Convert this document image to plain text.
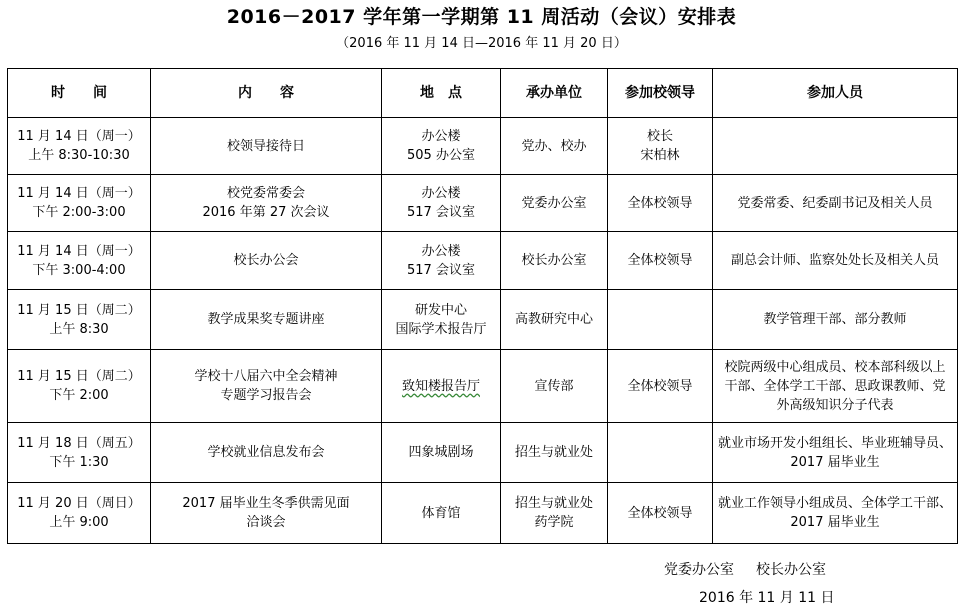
2016－2017 学年第一学期第 11 周活动（会议）安排表
（2016 年 11 月 14 日—2016 年 11 月 20 日）
时　　间	内　　容	地　点	承办单位	参加校领导	参加人员

11 月 14 日（周一）
上午 8:30-10:30	校领导接待日	办公楼
505 办公室	党办、校办	校长
宋柏林	

11 月 14 日（周一）
下午 2:00-3:00	校党委常委会
2016 年第 27 次会议	办公楼
517 会议室	党委办公室	全体校领导	党委常委、纪委副书记及相关人员

11 月 14 日（周一）
下午 3:00-4:00	校长办公会	办公楼
517 会议室	校长办公室	全体校领导	副总会计师、监察处处长及相关人员

11 月 15 日（周二）
上午 8:30	教学成果奖专题讲座	研发中心
国际学术报告厅	高教研究中心		教学管理干部、部分教师

11 月 15 日（周二）
下午 2:00	学校十八届六中全会精神
专题学习报告会	致知楼报告厅	宣传部	全体校领导	校院两级中心组成员、校本部科级以上
干部、全体学工干部、思政课教师、党
外高级知识分子代表

11 月 18 日（周五）
下午 1:30	学校就业信息发布会	四象城剧场	招生与就业处		就业市场开发小组组长、毕业班辅导员、
2017 届毕业生

11 月 20 日（周日）
上午 9:00	2017 届毕业生冬季供需见面
洽谈会	体育馆	招生与就业处
药学院	全体校领导	就业工作领导小组成员、全体学工干部、
2017 届毕业生
党委办公室 校长办公室
2016 年 11 月 11 日
